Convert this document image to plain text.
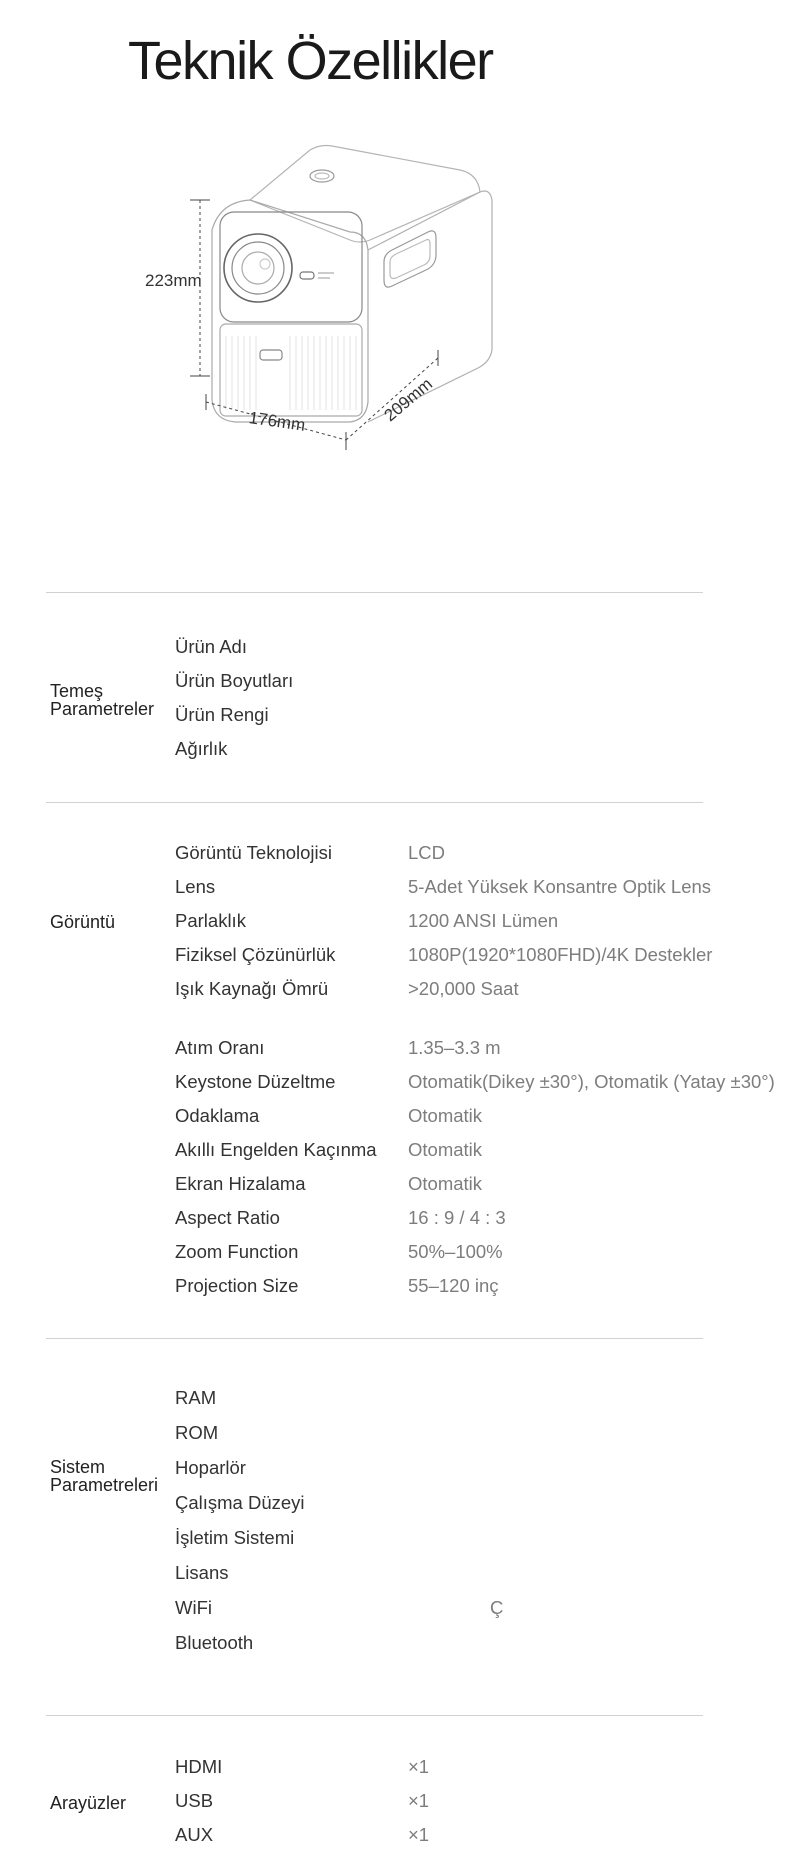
Teknik Özellikler
223mm
176mm	209mm
Temeş Parametreler
Ürün Adı
Ürün Boyutları
Ürün Rengi
Ağırlık
Görüntü
Görüntü Teknolojisi	LCD
Lens	5-Adet Yüksek Konsantre Optik Lens
Parlaklık	1200 ANSI Lümen
Fiziksel Çözünürlük	1080P(1920*1080FHD)/4K Destekler
Işık Kaynağı Ömrü	>20,000 Saat
Atım Oranı	1.35–3.3 m
Keystone Düzeltme	Otomatik(Dikey ±30°), Otomatik (Yatay ±30°)
Odaklama	Otomatik
Akıllı Engelden Kaçınma Otomatik
Ekran Hizalama	Otomatik
Aspect Ratio	16 : 9 / 4 : 3
Zoom Function	50%–100%
Projection Size	55–120 inç
Sistem Parametreleri
RAM
ROM
Hoparlör
Çalışma Düzeyi
İşletim Sistemi
Lisans
WiFi	Ç
Bluetooth
Arayüzler
HDMI	×1
USB	×1
AUX	×1
